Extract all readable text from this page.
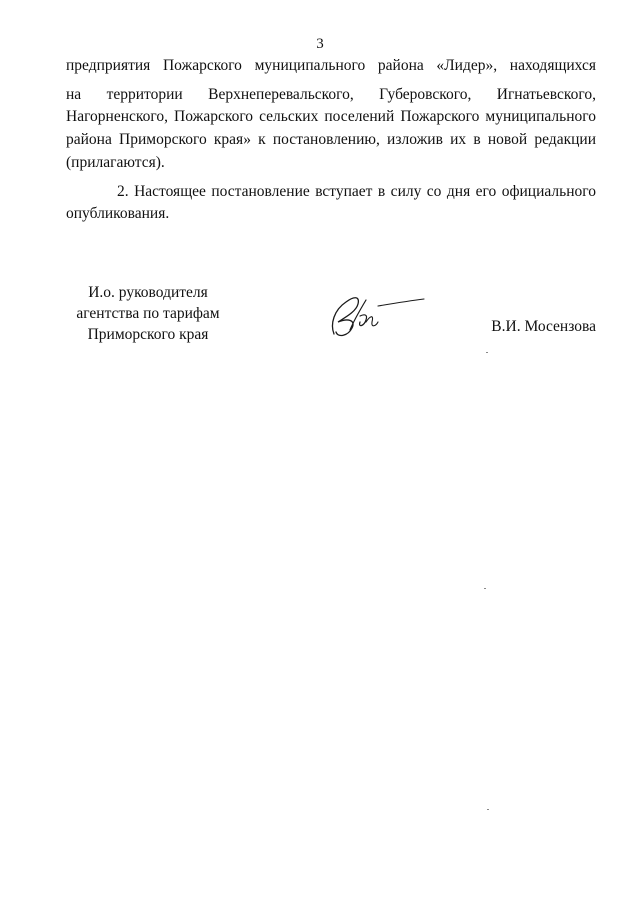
3
предприятия Пожарского муниципального района «Лидер», находящихся
на территории Верхнеперевальского, Губеровского, Игнатьевского,
Нагорненского, Пожарского сельских поселений Пожарского муниципального
района Приморского края» к постановлению, изложив их в новой редакции
(прилагаются).
2. Настоящее постановление вступает в силу со дня его официального
опубликования.
И.о. руководителя
агентства по тарифам
Приморского края	В.И. Мосензова
